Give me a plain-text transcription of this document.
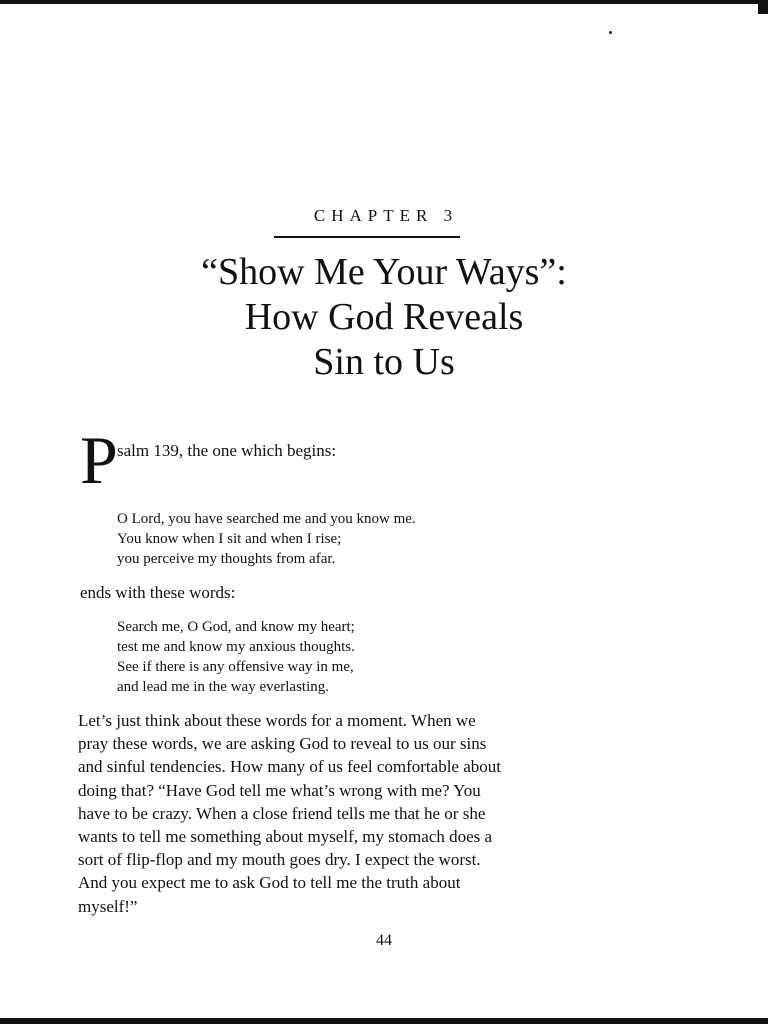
CHAPTER 3
“Show Me Your Ways”:
How God Reveals
Sin to Us
P salm 139, the one which begins:
O Lord, you have searched me and you know me.
You know when I sit and when I rise;
you perceive my thoughts from afar.
ends with these words:
Search me, O God, and know my heart;
test me and know my anxious thoughts.
See if there is any offensive way in me,
and lead me in the way everlasting.
Let’s just think about these words for a moment. When we
pray these words, we are asking God to reveal to us our sins
and sinful tendencies. How many of us feel comfortable about
doing that? “Have God tell me what’s wrong with me? You
have to be crazy. When a close friend tells me that he or she
wants to tell me something about myself, my stomach does a
sort of flip-flop and my mouth goes dry. I expect the worst.
And you expect me to ask God to tell me the truth about
myself!”
44
